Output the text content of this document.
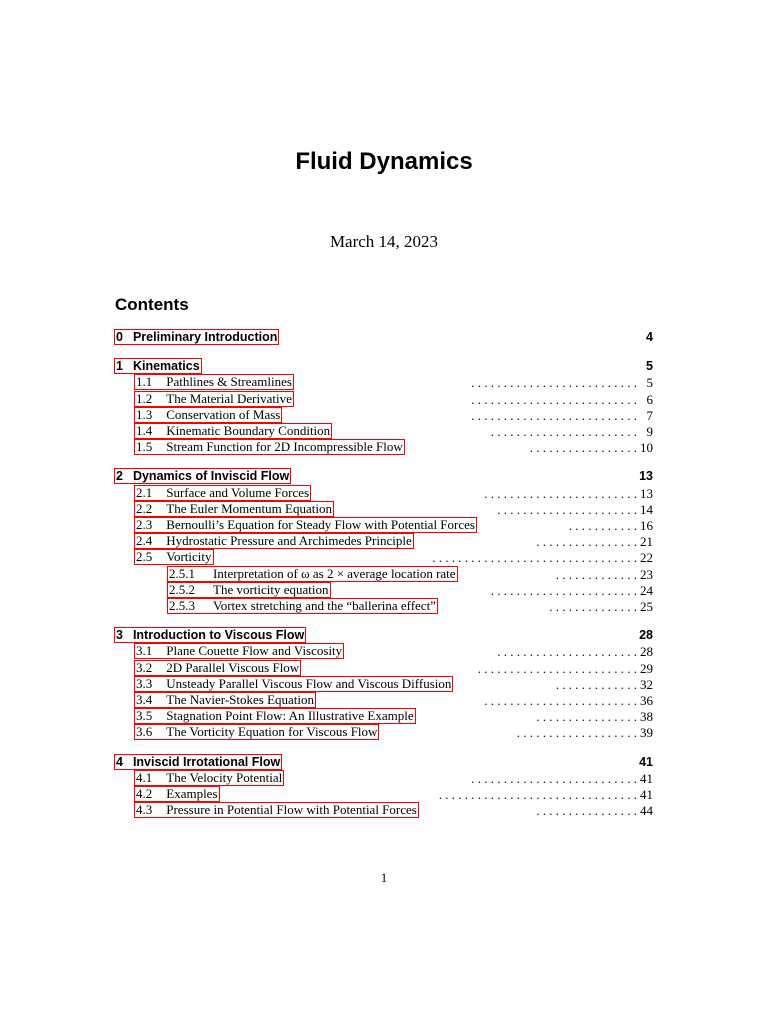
Fluid Dynamics

March 14, 2023

Contents
0 Preliminary Introduction	4
1 Kinematics	5
1.1 Pathlines & Streamlines	5
. . . . . . . . . . . . . . . . . . . . . . . . . .
1.2 The Material Derivative	6
. . . . . . . . . . . . . . . . . . . . . . . . . .
1.3 Conservation of Mass	7
. . . . . . . . . . . . . . . . . . . . . . . . . .
1.4 Kinematic Boundary Condition	9
. . . . . . . . . . . . . . . . . . . . . . .
1.5 Stream Function for 2D Incompressible Flow	10
. . . . . . . . . . . . . . . . .
2 Dynamics of Inviscid Flow	13
2.1 Surface and Volume Forces	13
. . . . . . . . . . . . . . . . . . . . . . . .
2.2 The Euler Momentum Equation	14
. . . . . . . . . . . . . . . . . . . . . .
2.3 Bernoulli’s Equation for Steady Flow with Potential Forces	16
. . . . . . . . . . .
2.4 Hydrostatic Pressure and Archimedes Principle	21
. . . . . . . . . . . . . . . .
2.5 Vorticity	22
. . . . . . . . . . . . . . . . . . . . . . . . . . . . . . . .
2.5.1 Interpretation of ω as 2 × average location rate	23
. . . . . . . . . . . . .
2.5.2 The vorticity equation	24
. . . . . . . . . . . . . . . . . . . . . . .
2.5.3 Vortex stretching and the “ballerina effect”	25
. . . . . . . . . . . . . .
3 Introduction to Viscous Flow	28
3.1 Plane Couette Flow and Viscosity	28
. . . . . . . . . . . . . . . . . . . . . .
3.2 2D Parallel Viscous Flow	29
. . . . . . . . . . . . . . . . . . . . . . . . .
3.3 Unsteady Parallel Viscous Flow and Viscous Diffusion	32
. . . . . . . . . . . . .
3.4 The Navier-Stokes Equation	36
. . . . . . . . . . . . . . . . . . . . . . . .
3.5 Stagnation Point Flow: An Illustrative Example	38
. . . . . . . . . . . . . . . .
3.6 The Vorticity Equation for Viscous Flow	39
. . . . . . . . . . . . . . . . . . .
4 Inviscid Irrotational Flow	41
4.1 The Velocity Potential	41
. . . . . . . . . . . . . . . . . . . . . . . . . .
4.2 Examples	41
. . . . . . . . . . . . . . . . . . . . . . . . . . . . . . .
4.3 Pressure in Potential Flow with Potential Forces	44
. . . . . . . . . . . . . . . .
1
